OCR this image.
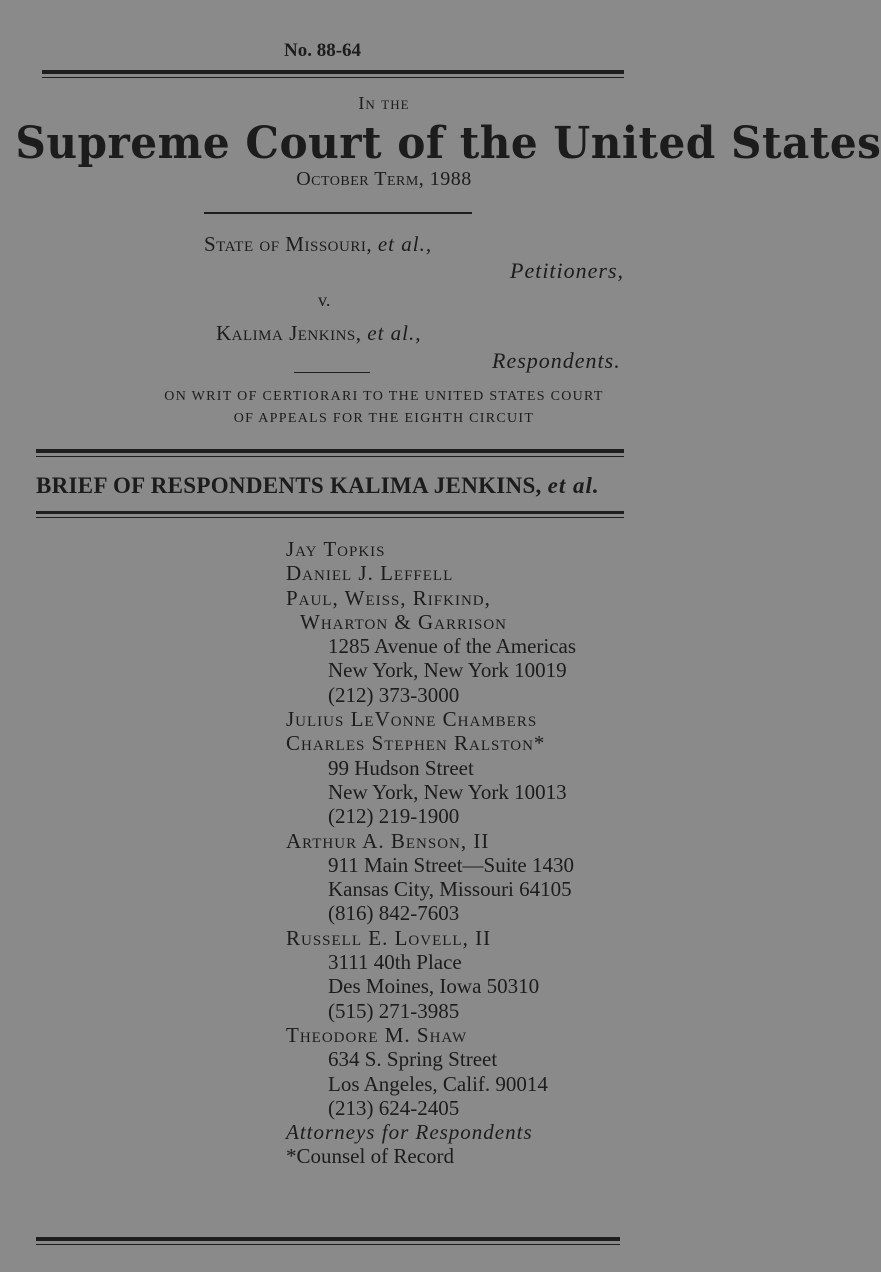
No. 88-64
In the
Supreme Court of the United States
October Term, 1988
State of Missouri, et al.,
Petitioners,
v.
Kalima Jenkins, et al.,
Respondents.
ON WRIT OF CERTIORARI TO THE UNITED STATES COURT
OF APPEALS FOR THE EIGHTH CIRCUIT
BRIEF OF RESPONDENTS KALIMA JENKINS, et al.
Jay Topkis
Daniel J. Leffell
Paul, Weiss, Rifkind,
Wharton & Garrison
1285 Avenue of the Americas
New York, New York 10019
(212) 373-3000
Julius LeVonne Chambers
Charles Stephen Ralston*
99 Hudson Street
New York, New York 10013
(212) 219-1900
Arthur A. Benson, II
911 Main Street—Suite 1430
Kansas City, Missouri 64105
(816) 842-7603
Russell E. Lovell, II
3111 40th Place
Des Moines, Iowa 50310
(515) 271-3985
Theodore M. Shaw
634 S. Spring Street
Los Angeles, Calif. 90014
(213) 624-2405
Attorneys for Respondents
*Counsel of Record
